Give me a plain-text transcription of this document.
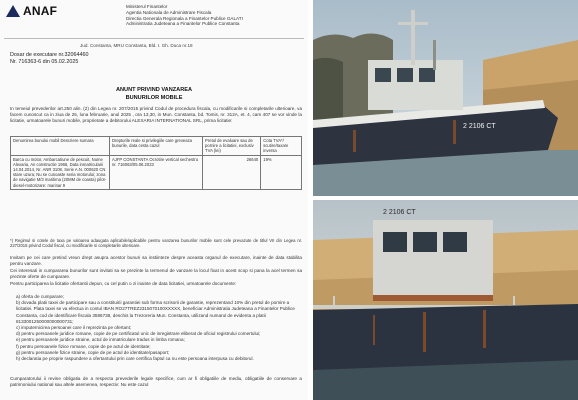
ANAF	Ministerul Finantelor
Agentia Nationala de Administrare Fiscala
Directia Generala Regionala a Finantelor Publice GALATI
Administratia Judeteana a Finantelor Publice Constanta
Jud. Constanta, MRU Constanta, Bld. I. Gh. Duca nr.18
Dosar de executare nr.32064460
Nr. 716363-6 din 05.02.2025
ANUNT PRIVIND VANZAREA
BUNURILOR MOBILE
In temeiul prevederilor art.250 alin. (2) din Legea nr. 207/2015 privind Codul de procedura fiscala, cu modificarile si completarile ulterioare, va facem cunoscut ca in ziua de 25, luna februarie, anul 2025 , ora 13,30, in Mun. Constanta, bd. Tomis, nr. 312A, et. 4, cam 407 se vor vinde la licitatie, urmatoarele bunuri mobile, proprietate a debitorului ALEXARIA INTERNATIONAL SRL, prima licitatie:
Denumirea bunului mobil Descriere sumara	Drepturile reale si privilegiile care greveaza bunurile, data cesta cazul	Pretul de evaluare sau de pornire a licitatiei, exclusiv TVA (lei)	Cota TVA*/ scutire/taxare inversa
Barca cu motor, Ambarcatiune de pescuit, Nume Alexaria, An constructie 1966, Data inmatricularii 14.04.2014, Nr. ANR 3108, Serie A.N. 000620 CN stare uzura; Nu se cunoaste seria motorului; zona de navigatie M/3 maritima (20MM de coasta) pilot-diesel-motorizare: marinar 9	AJFP CONSTANTA Ocrotire vertical sechestru nr. 716063/05.06.2023	26640	19%
*) Regimul si cotele de taxa pe valoarea adaugata aplicabile/aplicabile pentru vanzarea bunurilor mobile sunt cele prevazute de titlul VII din Legea nr. 227/2015 privind Codul fiscal, cu modificarile si completarile ulterioare.
Invitam pe cei care pretind vreun drept asupra acestor bunuri sa instiinteze despre aceasta organul de executare, inainte de data stabilita pentru vanzare.
Cei interesati in cumpararea bunurilor sunt invitati sa se prezinte la termenul de vanzare la locul fixat in acest scop si pana la acel termen sa prezinte oferte de cumparare.
Pentru participarea la licitatie ofertantii depun, cu cel putin o zi inainte de data licitatiei, urmatoarele documente:
a) oferta de cumparare;
b) dovada platii taxei de participare sau a constituirii garantiei sub forma scrisorii de garantie, reprezentand 10% din pretul de pornire a licitatiei. Plata taxei se va efectua in contul IBAN RO27TREZ2315070100XXXXX, beneficiar Administratia Judeteana a Finantelor Publice Constanta, cod de identificare fiscala 3586738, deschis la Trezoreria Mun. Constanta, utilizand numarul de evidenta a platii 8133001250000000000731;
c) imputernicirea persoanei care il reprezinta pe ofertant;
d) pentru persoanele juridice romane, copie de pe certificatul unic de inregistrare eliberat de oficiul registrului comertului;
e) pentru persoanele juridice straine, actul de inmatriculare tradus in limba romana;
f) pentru persoanele fizice romane, copie de pe actul de identitate;
g) pentru persoanele fizice straine, copie de pe actul de identitate/pasaport;
h) declaratia pe proprie raspundere a ofertantului prin care certifica faptul ca nu este persoana interpusa cu debitorul.
Cumparatorului ii revine obligatia de a respecta prevederile legale specifice, cum ar fi obligatiile de mediu, obligatiile de conservare a patrimoniului national sau altele asemenea, respectiv: Nu este cazul
2 2106 CT
2 2106 CT
